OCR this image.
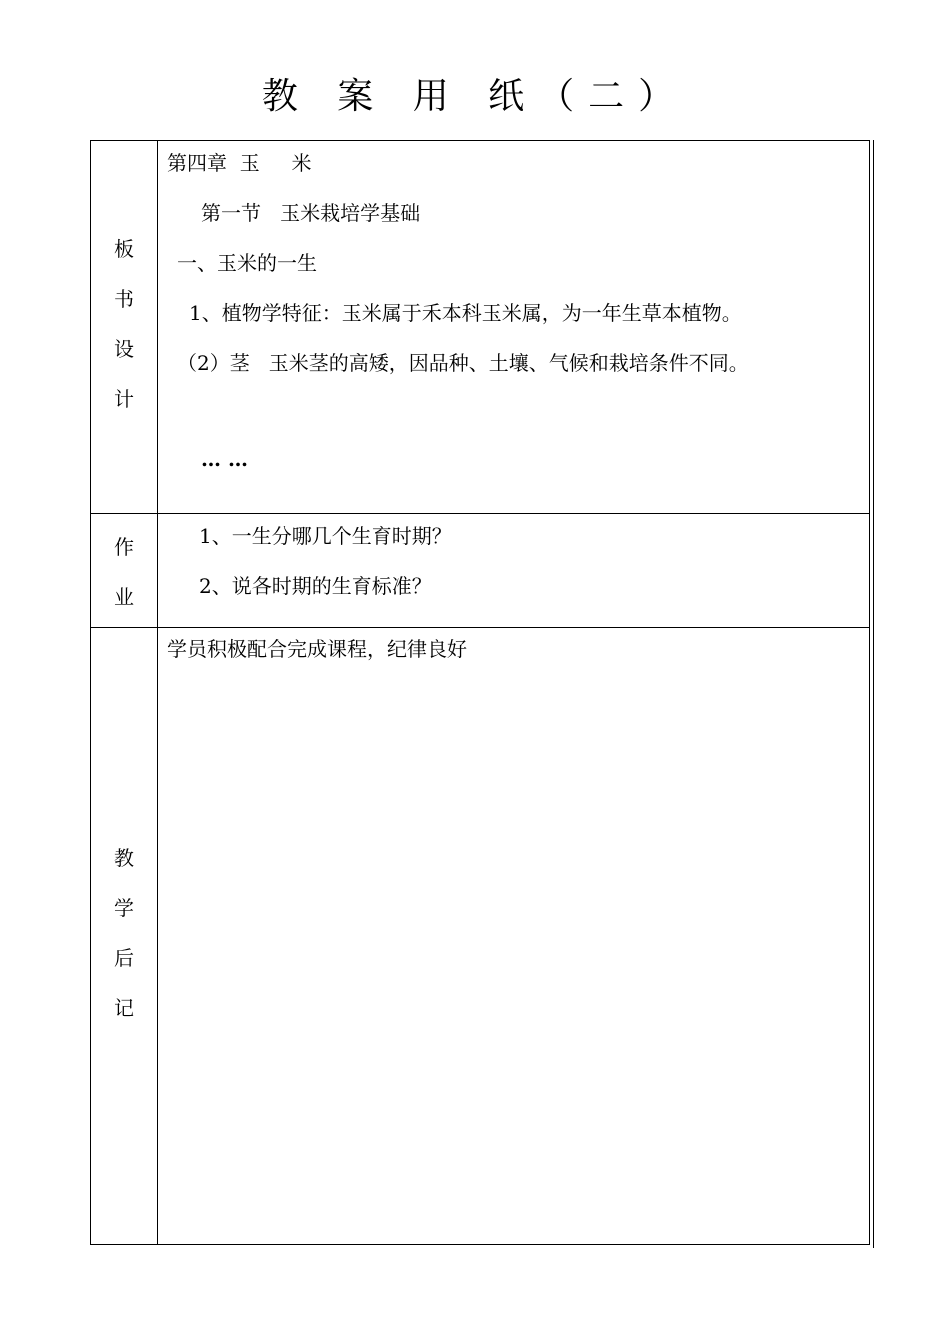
教 案 用 纸（二）
板
书
设
计
第四章  玉     米
第一节   玉米栽培学基础
一、玉米的一生
1、植物学特征：玉米属于禾本科玉米属，为一年生草本植物。
（2）茎   玉米茎的高矮，因品种、土壤、气候和栽培条件不同。
… …
作
业
1、一生分哪几个生育时期？
2、说各时期的生育标准？
教
学
后
记
学员积极配合完成课程，纪律良好
